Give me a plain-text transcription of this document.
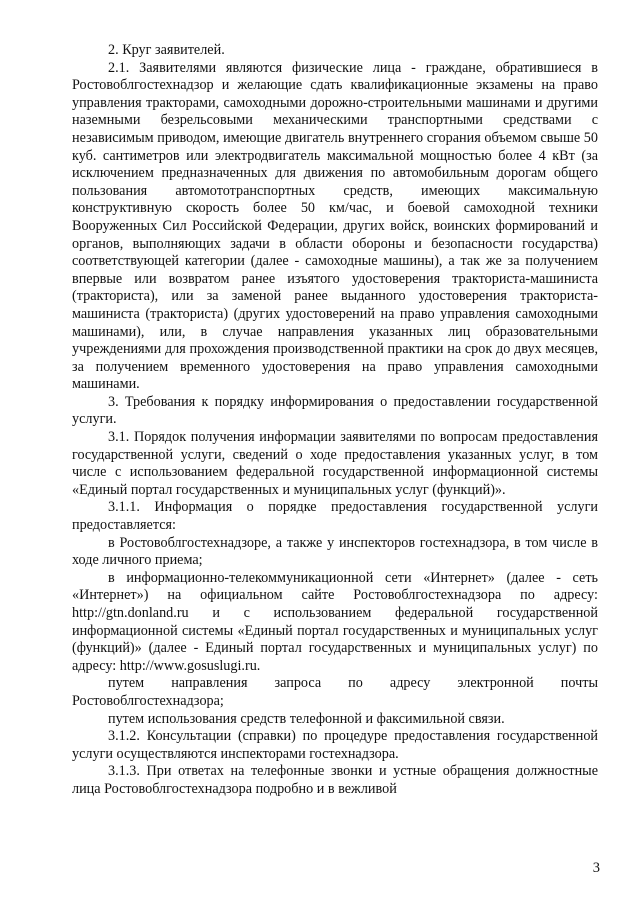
2. Круг заявителей.

2.1. Заявителями являются физические лица - граждане, обратившиеся в Ростовоблгостехнадзор и желающие сдать квалификационные экзамены на право управления тракторами, самоходными дорожно-строительными машинами и другими наземными безрельсовыми механическими транспортными средствами с независимым приводом, имеющие двигатель внутреннего сгорания объемом свыше 50 куб. сантиметров или электродвигатель максимальной мощностью более 4 кВт (за исключением предназначенных для движения по автомобильным дорогам общего пользования автомототранспортных средств, имеющих максимальную конструктивную скорость более 50 км/час, и боевой самоходной техники Вооруженных Сил Российской Федерации, других войск, воинских формирований и органов, выполняющих задачи в области обороны и безопасности государства) соответствующей категории (далее - самоходные машины), а так же за получением впервые или возвратом ранее изъятого удостоверения тракториста-машиниста (тракториста), или за заменой ранее выданного удостоверения тракториста-машиниста (тракториста) (других удостоверений на право управления самоходными машинами), или, в случае направления указанных лиц образовательными учреждениями для прохождения производственной практики на срок до двух месяцев, за получением временного удостоверения на право управления самоходными машинами.

3. Требования к порядку информирования о предоставлении государственной услуги.

3.1. Порядок получения информации заявителями по вопросам предоставления государственной услуги, сведений о ходе предоставления указанных услуг, в том числе с использованием федеральной государственной информационной системы «Единый портал государственных и муниципальных услуг (функций)».

3.1.1. Информация о порядке предоставления государственной услуги предоставляется:

в Ростовоблгостехнадзоре, а также у инспекторов гостехнадзора, в том числе в ходе личного приема;

в информационно-телекоммуникационной сети «Интернет» (далее - сеть «Интернет») на официальном сайте Ростовоблгостехнадзора по адресу: http://gtn.donland.ru и с использованием федеральной государственной информационной системы «Единый портал государственных и муниципальных услуг (функций)» (далее - Единый портал государственных и муниципальных услуг) по адресу: http://www.gosuslugi.ru.

путем направления запроса по адресу электронной почты Ростовоблгостехнадзора;

путем использования средств телефонной и факсимильной связи.

3.1.2. Консультации (справки) по процедуре предоставления государственной услуги осуществляются инспекторами гостехнадзора.

3.1.3. При ответах на телефонные звонки и устные обращения должностные лица Ростовоблгостехнадзора подробно и в вежливой

3
